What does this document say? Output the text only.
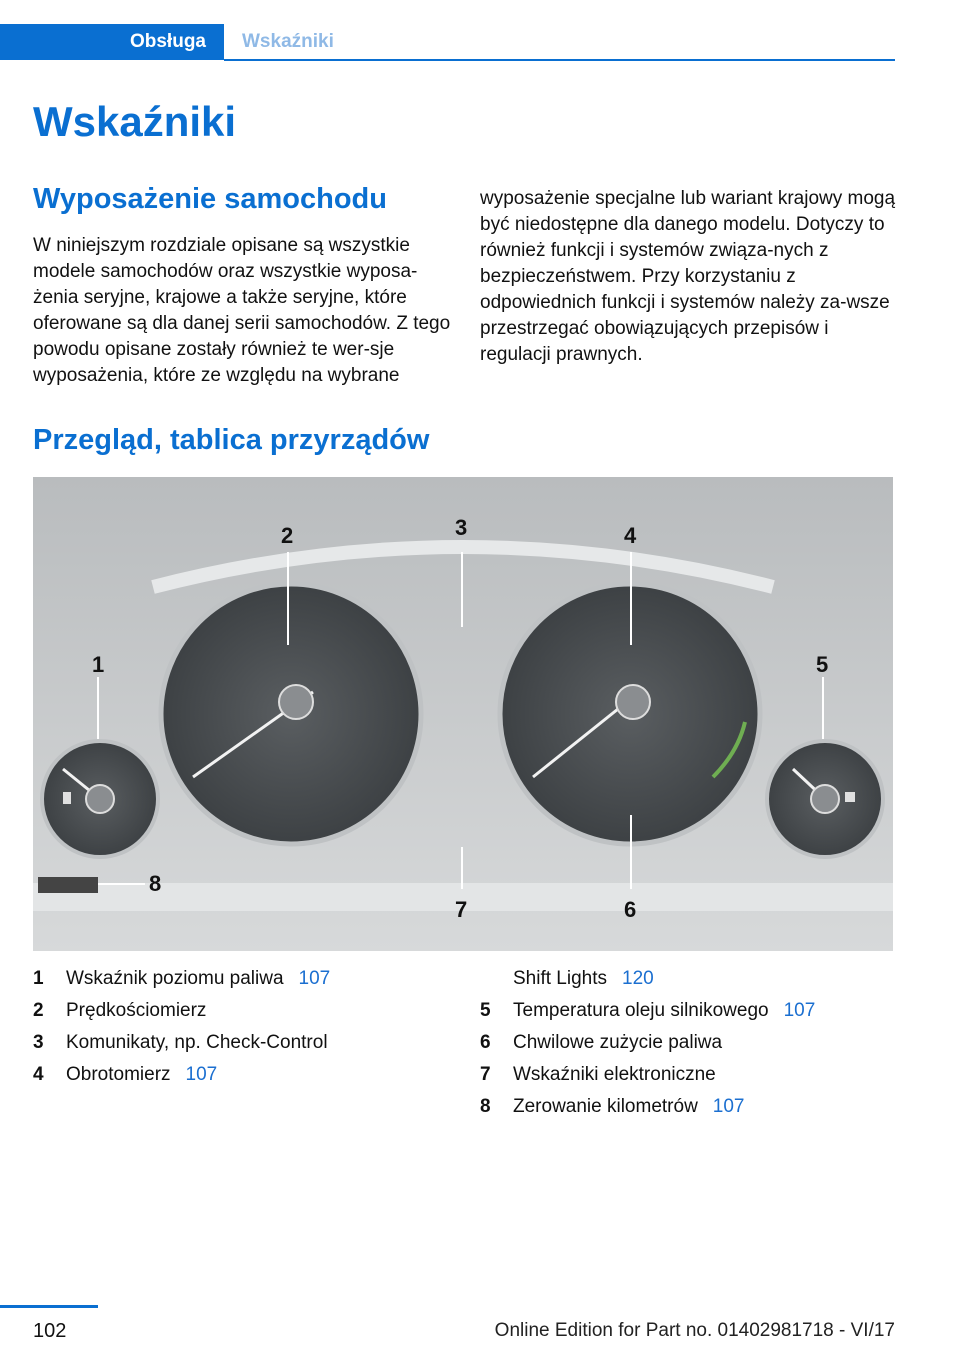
Obsługa	Wskaźniki
Wskaźniki
Wyposażenie samochodu

W niniejszym rozdziale opisane są wszystkie modele samochodów oraz wszystkie wyposa‐żenia seryjne, krajowe a także seryjne, które oferowane są dla danej serii samochodów. Z tego powodu opisane zostały również te wer‐sje wyposażenia, które ze względu na wybrane

wyposażenie specjalne lub wariant krajowy mogą być niedostępne dla danego modelu. Dotyczy to również funkcji i systemów związa‐nych z bezpieczeństwem. Przy korzystaniu z odpowiednich funkcji i systemów należy za‐wsze przestrzegać obowiązujących przepisów i regulacji prawnych.

Przegląd, tablica przyrządów
1
2	3	4
5
6
7
8
1	Wskaźnik poziomu paliwa 107
2	Prędkościomierz
3	Komunikaty, np. Check-Control
4	Obrotomierz 107
Shift Lights 120
5	Temperatura oleju silnikowego 107
6	Chwilowe zużycie paliwa
7	Wskaźniki elektroniczne
8	Zerowanie kilometrów 107
102	Online Edition for Part no. 01402981718 - VI/17
